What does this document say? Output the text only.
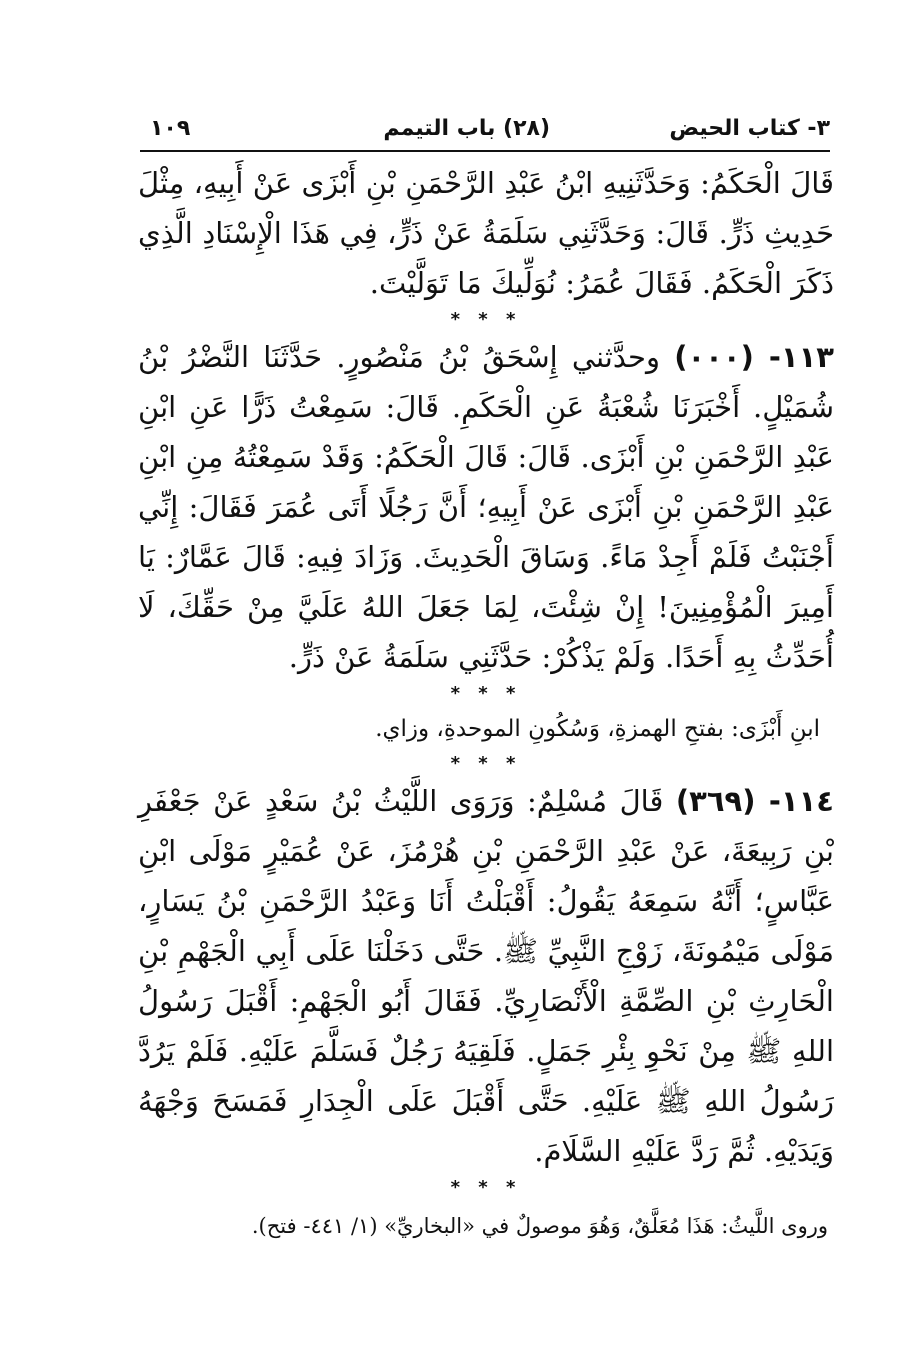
٣- كتاب الحيض
(٢٨) باب التيمم
١٠٩

قَالَ الْحَكَمُ: وَحَدَّثَنِيهِ ابْنُ عَبْدِ الرَّحْمَنِ بْنِ أَبْزَى عَنْ أَبِيهِ، مِثْلَ حَدِيثِ ذَرٍّ. قَالَ: وَحَدَّثَنِي سَلَمَةُ عَنْ ذَرٍّ، فِي هَذَا الْإِسْنَادِ الَّذِي ذَكَرَ الْحَكَمُ. فَقَالَ عُمَرُ: نُوَلِّيكَ مَا تَوَلَّيْتَ.

* * *

١١٣- (٠٠٠) وحدَّثني إِسْحَقُ بْنُ مَنْصُورٍ. حَدَّثَنَا النَّضْرُ بْنُ شُمَيْلٍ. أَخْبَرَنَا شُعْبَةُ عَنِ الْحَكَمِ. قَالَ: سَمِعْتُ ذَرًّا عَنِ ابْنِ عَبْدِ الرَّحْمَنِ بْنِ أَبْزَى. قَالَ: قَالَ الْحَكَمُ: وَقَدْ سَمِعْتُهُ مِنِ ابْنِ عَبْدِ الرَّحْمَنِ بْنِ أَبْزَى عَنْ أَبِيهِ؛ أَنَّ رَجُلًا أَتَى عُمَرَ فَقَالَ: إِنِّي أَجْنَبْتُ فَلَمْ أَجِدْ مَاءً. وَسَاقَ الْحَدِيثَ. وَزَادَ فِيهِ: قَالَ عَمَّارٌ: يَا أَمِيرَ الْمُؤْمِنِينَ! إِنْ شِئْتَ، لِمَا جَعَلَ اللهُ عَلَيَّ مِنْ حَقِّكَ، لَا أُحَدِّثُ بِهِ أَحَدًا. وَلَمْ يَذْكُرْ: حَدَّثَنِي سَلَمَةُ عَنْ ذَرٍّ.

* * *

ابنِ أَبْزَى: بفتحِ الهمزةِ، وَسُكُونِ الموحدةِ، وزاي.

* * *

١١٤- (٣٦٩) قَالَ مُسْلِمٌ: وَرَوَى اللَّيْثُ بْنُ سَعْدٍ عَنْ جَعْفَرِ بْنِ رَبِيعَةَ، عَنْ عَبْدِ الرَّحْمَنِ بْنِ هُرْمُزَ، عَنْ عُمَيْرٍ مَوْلَى ابْنِ عَبَّاسٍ؛ أَنَّهُ سَمِعَهُ يَقُولُ: أَقْبَلْتُ أَنَا وَعَبْدُ الرَّحْمَنِ بْنُ يَسَارٍ، مَوْلَى مَيْمُونَةَ، زَوْجِ النَّبِيِّ ﷺ. حَتَّى دَخَلْنَا عَلَى أَبِي الْجَهْمِ بْنِ الْحَارِثِ بْنِ الصِّمَّةِ الْأَنْصَارِيِّ. فَقَالَ أَبُو الْجَهْمِ: أَقْبَلَ رَسُولُ اللهِ ﷺ مِنْ نَحْوِ بِئْرِ جَمَلٍ. فَلَقِيَهُ رَجُلٌ فَسَلَّمَ عَلَيْهِ. فَلَمْ يَرُدَّ رَسُولُ اللهِ ﷺ عَلَيْهِ. حَتَّى أَقْبَلَ عَلَى الْجِدَارِ فَمَسَحَ وَجْهَهُ وَيَدَيْهِ. ثُمَّ رَدَّ عَلَيْهِ السَّلَامَ.

* * *

وروى اللَّيثُ: هَذَا مُعَلَّقٌ، وَهُوَ موصولٌ في «البخاريِّ» (١/ ٤٤١- فتح).
